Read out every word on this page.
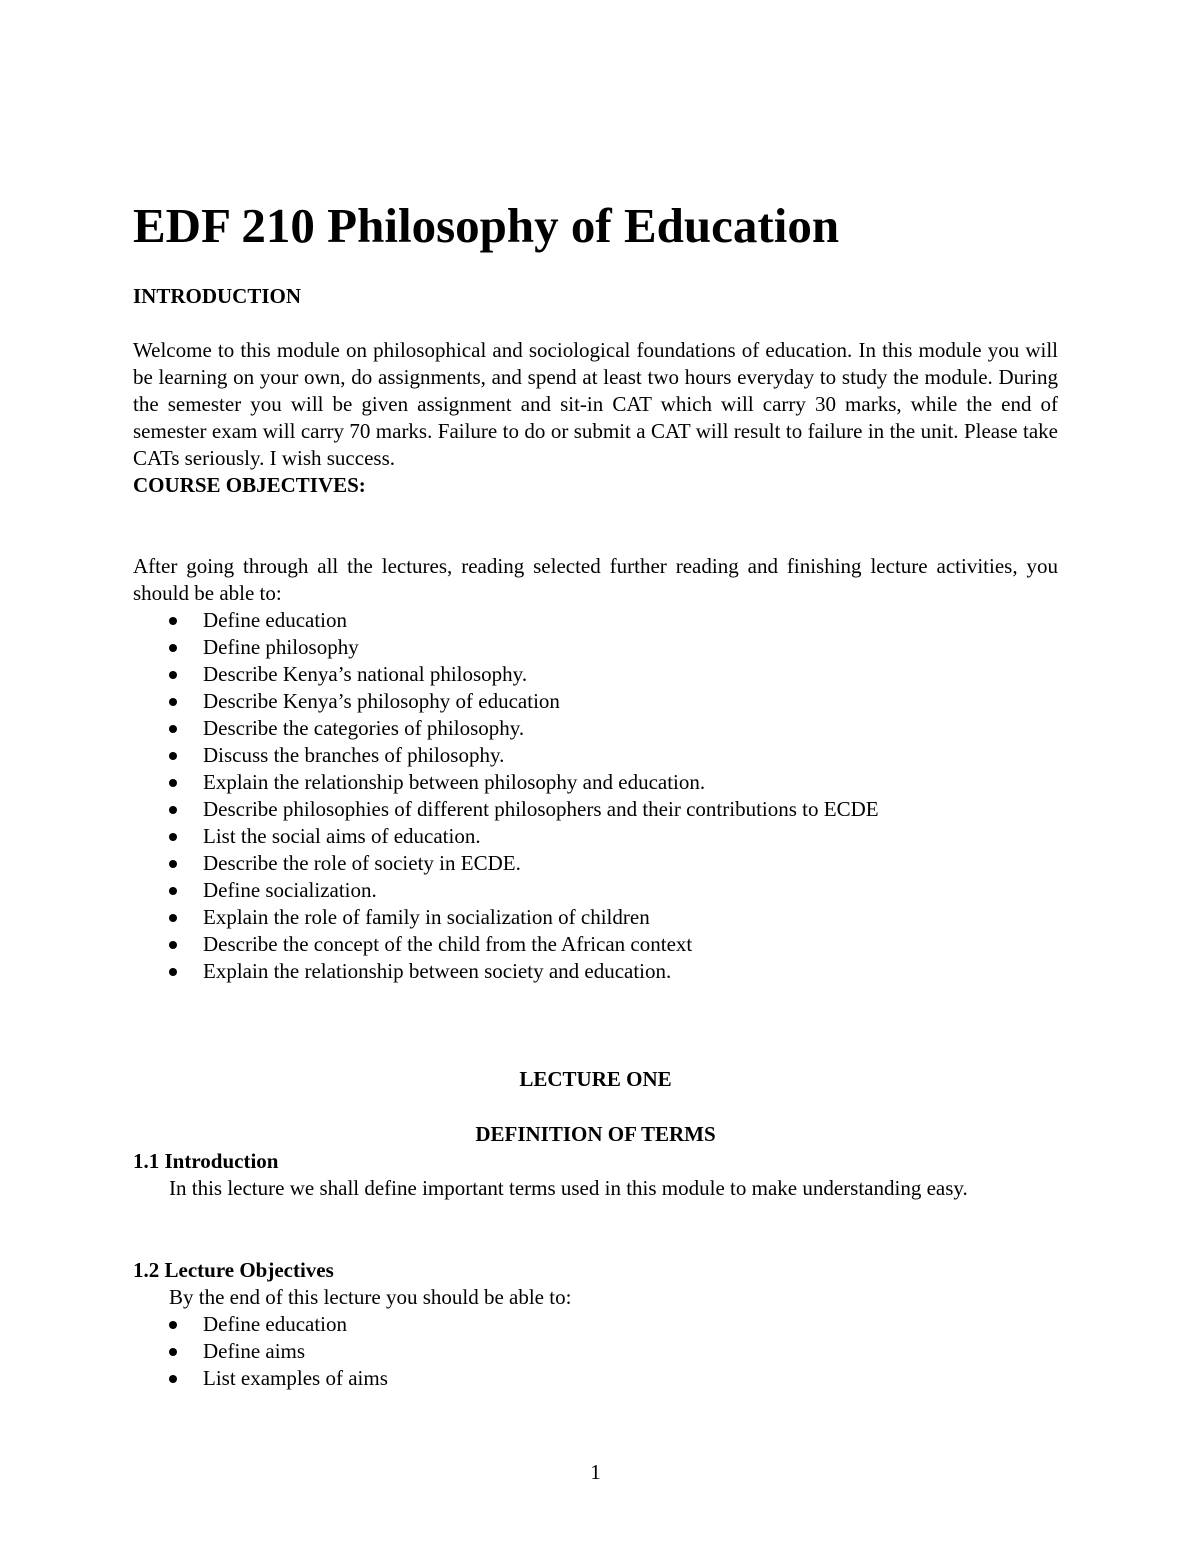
EDF 210 Philosophy of Education

INTRODUCTION

Welcome to this module on philosophical and sociological foundations of education. In this module you will be learning on your own, do assignments, and spend at least two hours everyday to study the module. During the semester you will be given assignment and sit-in CAT which will carry 30 marks, while the end of semester exam will carry 70 marks. Failure to do or submit a CAT will result to failure in the unit. Please take CATs seriously. I wish success.

COURSE OBJECTIVES:

After going through all the lectures, reading selected further reading and finishing lecture activities, you should be able to:

Define education
Define philosophy
Describe Kenya’s national philosophy.
Describe Kenya’s philosophy of education
Describe the categories of philosophy.
Discuss the branches of philosophy.
Explain the relationship between philosophy and education.
Describe philosophies of different philosophers and their contributions to ECDE
List the social aims of education.
Describe the role of society in ECDE.
Define socialization.
Explain the role of family in socialization of children
Describe the concept of the child from the African context
Explain the relationship between society and education.

LECTURE ONE

DEFINITION OF TERMS

1.1 Introduction

In this lecture we shall define important terms used in this module to make understanding easy.

1.2 Lecture Objectives

By the end of this lecture you should be able to:

Define education
Define aims
List examples of aims
1
